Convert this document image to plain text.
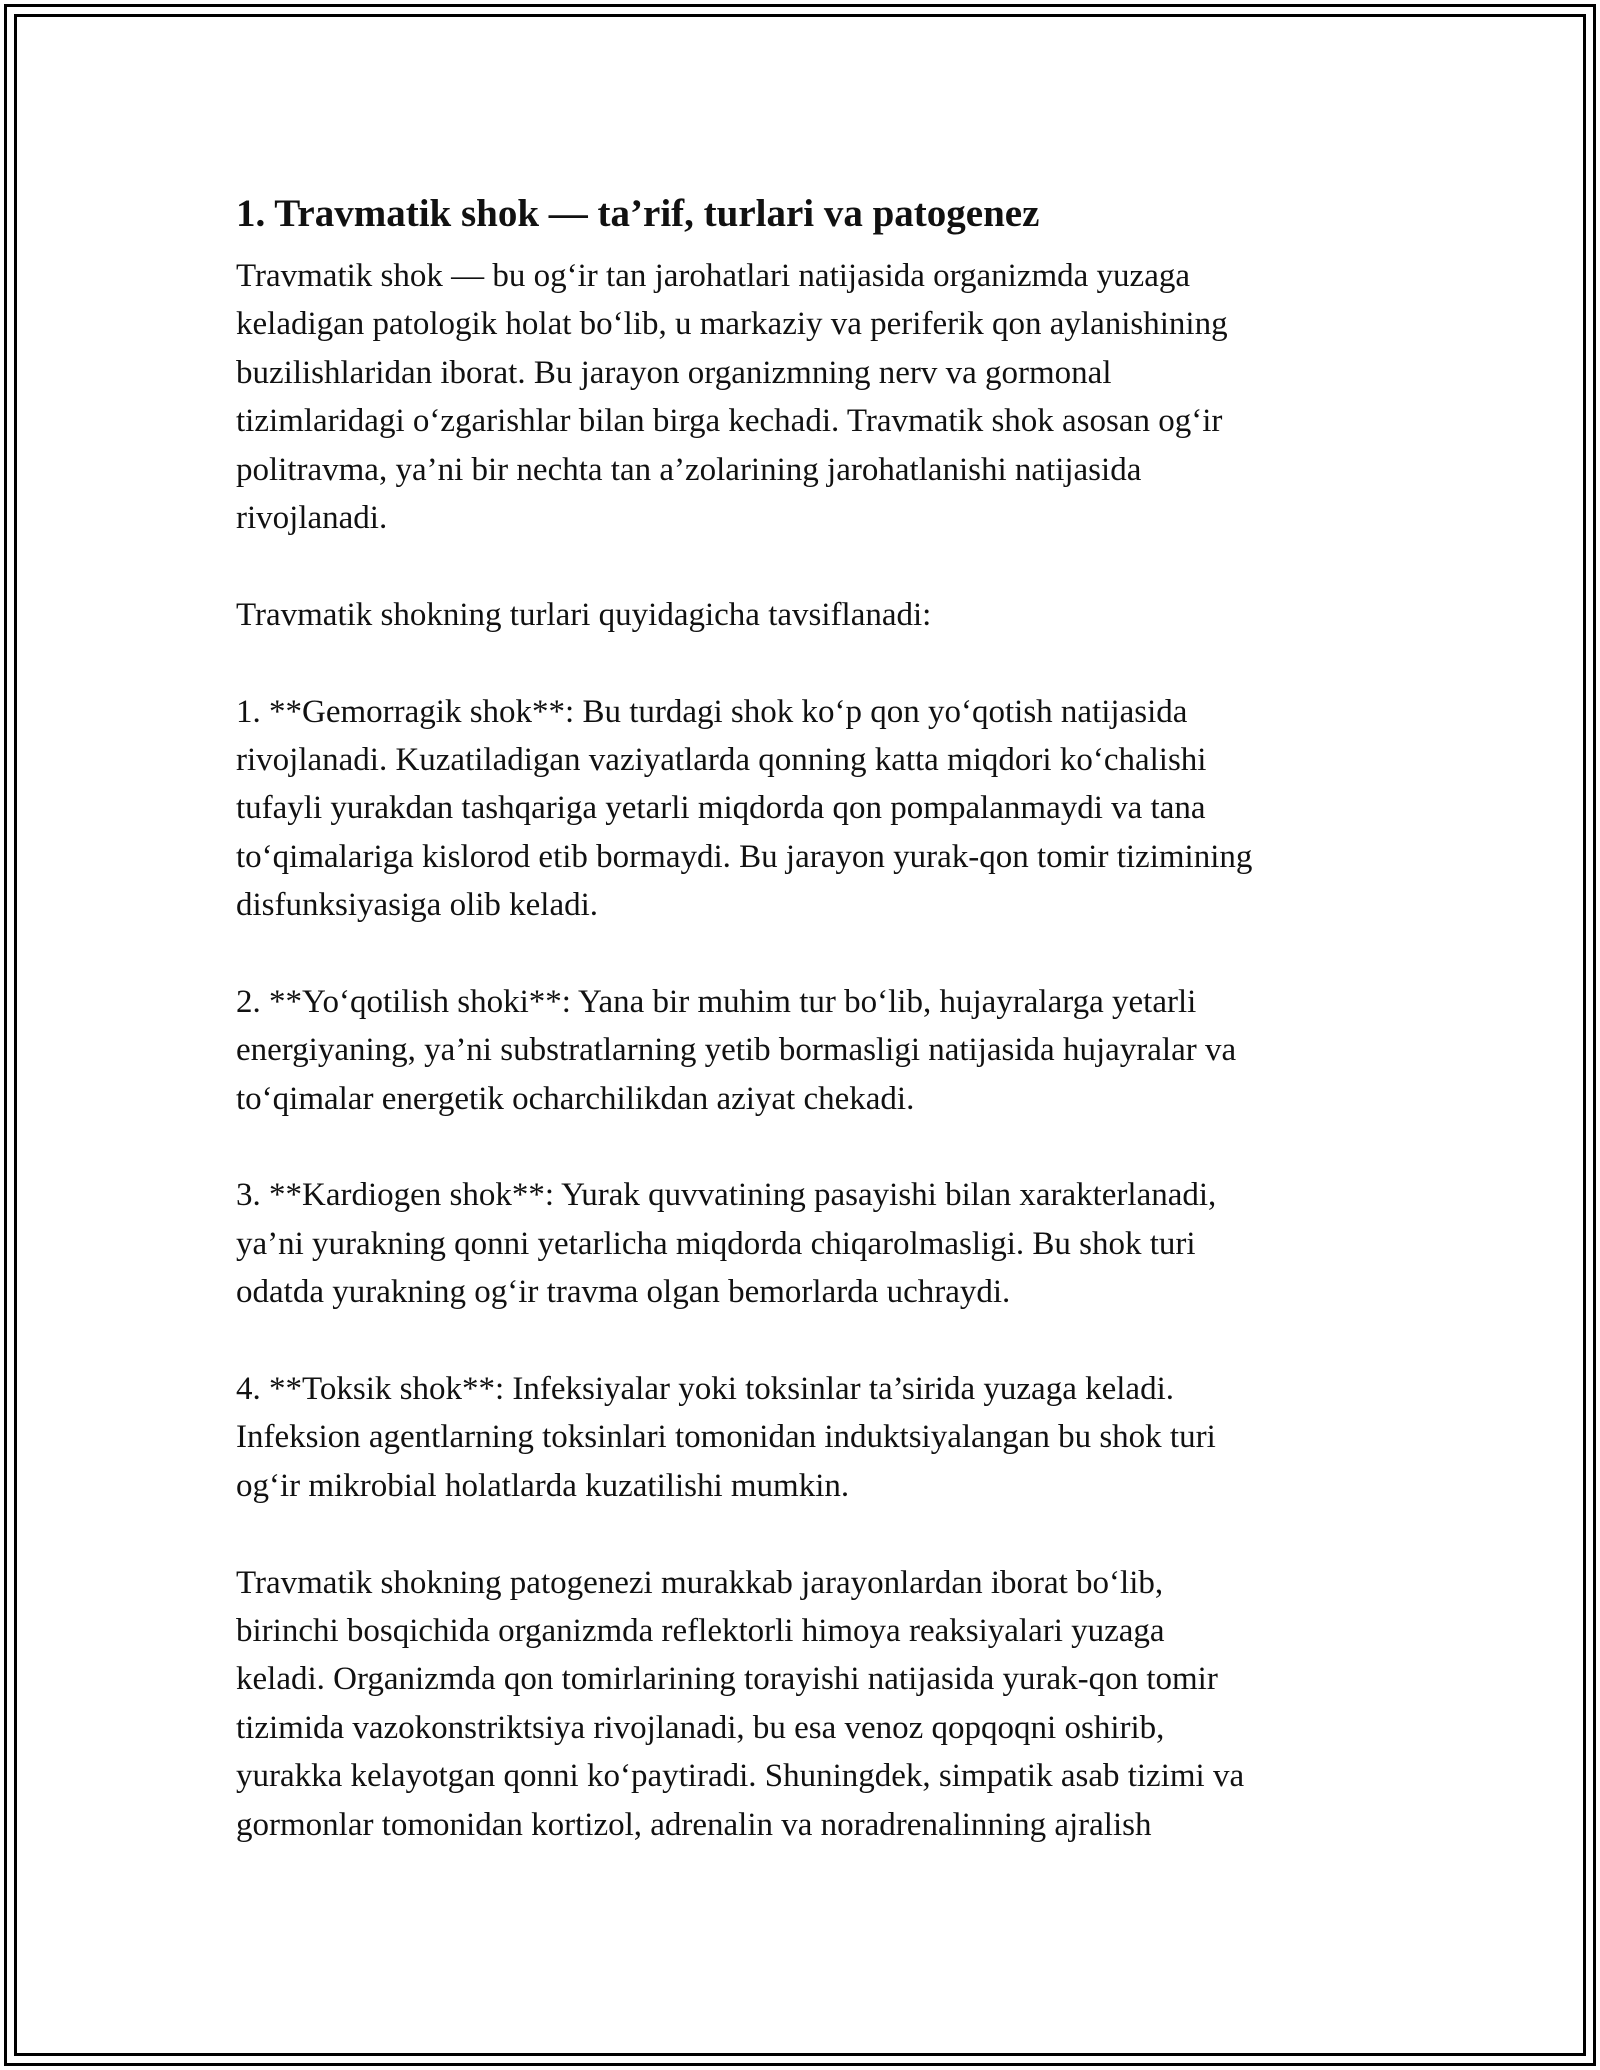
1. Travmatik shok — ta’rif, turlari va patogenez
Travmatik shok — bu og‘ir tan jarohatlari natijasida organizmda yuzaga
keladigan patologik holat bo‘lib, u markaziy va periferik qon aylanishining
buzilishlaridan iborat. Bu jarayon organizmning nerv va gormonal
tizimlaridagi o‘zgarishlar bilan birga kechadi. Travmatik shok asosan og‘ir
politravma, ya’ni bir nechta tan a’zolarining jarohatlanishi natijasida
rivojlanadi.
Travmatik shokning turlari quyidagicha tavsiflanadi:
1. **Gemorragik shok**: Bu turdagi shok ko‘p qon yo‘qotish natijasida
rivojlanadi. Kuzatiladigan vaziyatlarda qonning katta miqdori ko‘chalishi
tufayli yurakdan tashqariga yetarli miqdorda qon pompalanmaydi va tana
to‘qimalariga kislorod etib bormaydi. Bu jarayon yurak-qon tomir tizimining
disfunksiyasiga olib keladi.
2. **Yo‘qotilish shoki**: Yana bir muhim tur bo‘lib, hujayralarga yetarli
energiyaning, ya’ni substratlarning yetib bormasligi natijasida hujayralar va
to‘qimalar energetik ocharchilikdan aziyat chekadi.
3. **Kardiogen shok**: Yurak quvvatining pasayishi bilan xarakterlanadi,
ya’ni yurakning qonni yetarlicha miqdorda chiqarolmasligi. Bu shok turi
odatda yurakning og‘ir travma olgan bemorlarda uchraydi.
4. **Toksik shok**: Infeksiyalar yoki toksinlar ta’sirida yuzaga keladi.
Infeksion agentlarning toksinlari tomonidan induktsiyalangan bu shok turi
og‘ir mikrobial holatlarda kuzatilishi mumkin.
Travmatik shokning patogenezi murakkab jarayonlardan iborat bo‘lib,
birinchi bosqichida organizmda reflektorli himoya reaksiyalari yuzaga
keladi. Organizmda qon tomirlarining torayishi natijasida yurak-qon tomir
tizimida vazokonstriktsiya rivojlanadi, bu esa venoz qopqoqni oshirib,
yurakka kelayotgan qonni ko‘paytiradi. Shuningdek, simpatik asab tizimi va
gormonlar tomonidan kortizol, adrenalin va noradrenalinning ajralish
